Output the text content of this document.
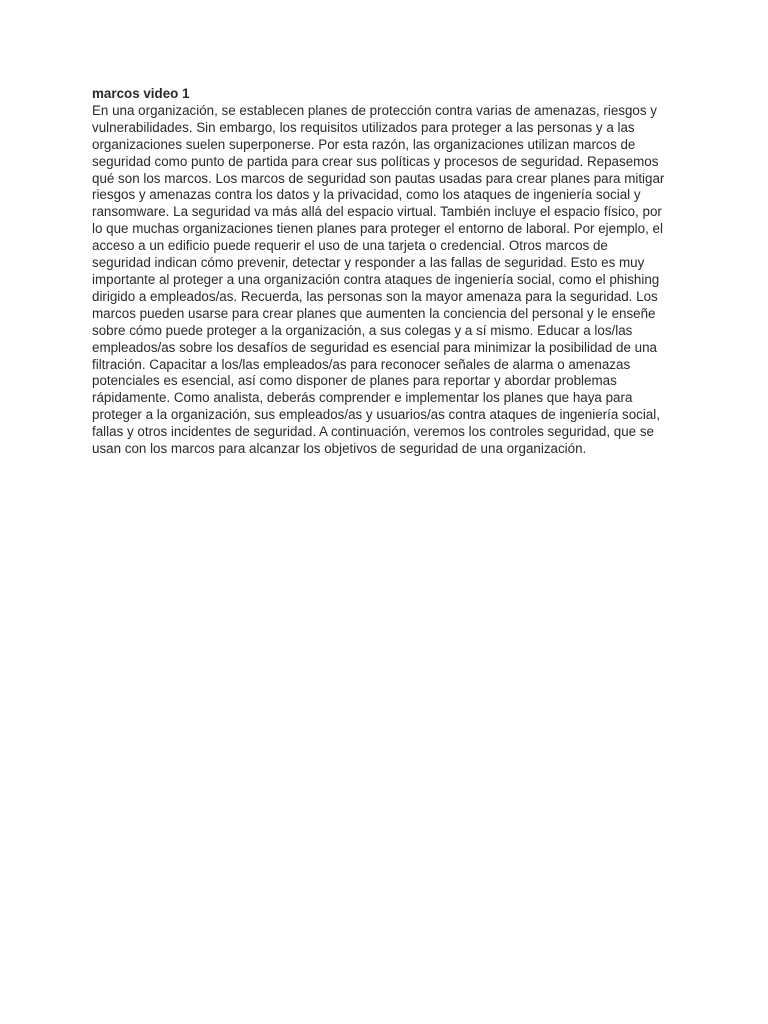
marcos video 1

En una organización, se establecen planes de protección contra varias de amenazas, riesgos y
vulnerabilidades. Sin embargo, los requisitos utilizados para proteger a las personas y a las
organizaciones suelen superponerse. Por esta razón, las organizaciones utilizan marcos de
seguridad como punto de partida para crear sus políticas y procesos de seguridad. Repasemos
qué son los marcos. Los marcos de seguridad son pautas usadas para crear planes para mitigar
riesgos y amenazas contra los datos y la privacidad, como los ataques de ingeniería social y
ransomware. La seguridad va más allá del espacio virtual. También incluye el espacio físico, por
lo que muchas organizaciones tienen planes para proteger el entorno de laboral. Por ejemplo, el
acceso a un edificio puede requerir el uso de una tarjeta o credencial. Otros marcos de
seguridad indican cómo prevenir, detectar y responder a las fallas de seguridad. Esto es muy
importante al proteger a una organización contra ataques de ingeniería social, como el phishing
dirigido a empleados/as. Recuerda, las personas son la mayor amenaza para la seguridad. Los
marcos pueden usarse para crear planes que aumenten la conciencia del personal y le enseñe
sobre cómo puede proteger a la organización, a sus colegas y a sí mismo. Educar a los/las
empleados/as sobre los desafíos de seguridad es esencial para minimizar la posibilidad de una
filtración. Capacitar a los/las empleados/as para reconocer señales de alarma o amenazas
potenciales es esencial, así como disponer de planes para reportar y abordar problemas
rápidamente. Como analista, deberás comprender e implementar los planes que haya para
proteger a la organización, sus empleados/as y usuarios/as contra ataques de ingeniería social,
fallas y otros incidentes de seguridad. A continuación, veremos los controles seguridad, que se
usan con los marcos para alcanzar los objetivos de seguridad de una organización.
